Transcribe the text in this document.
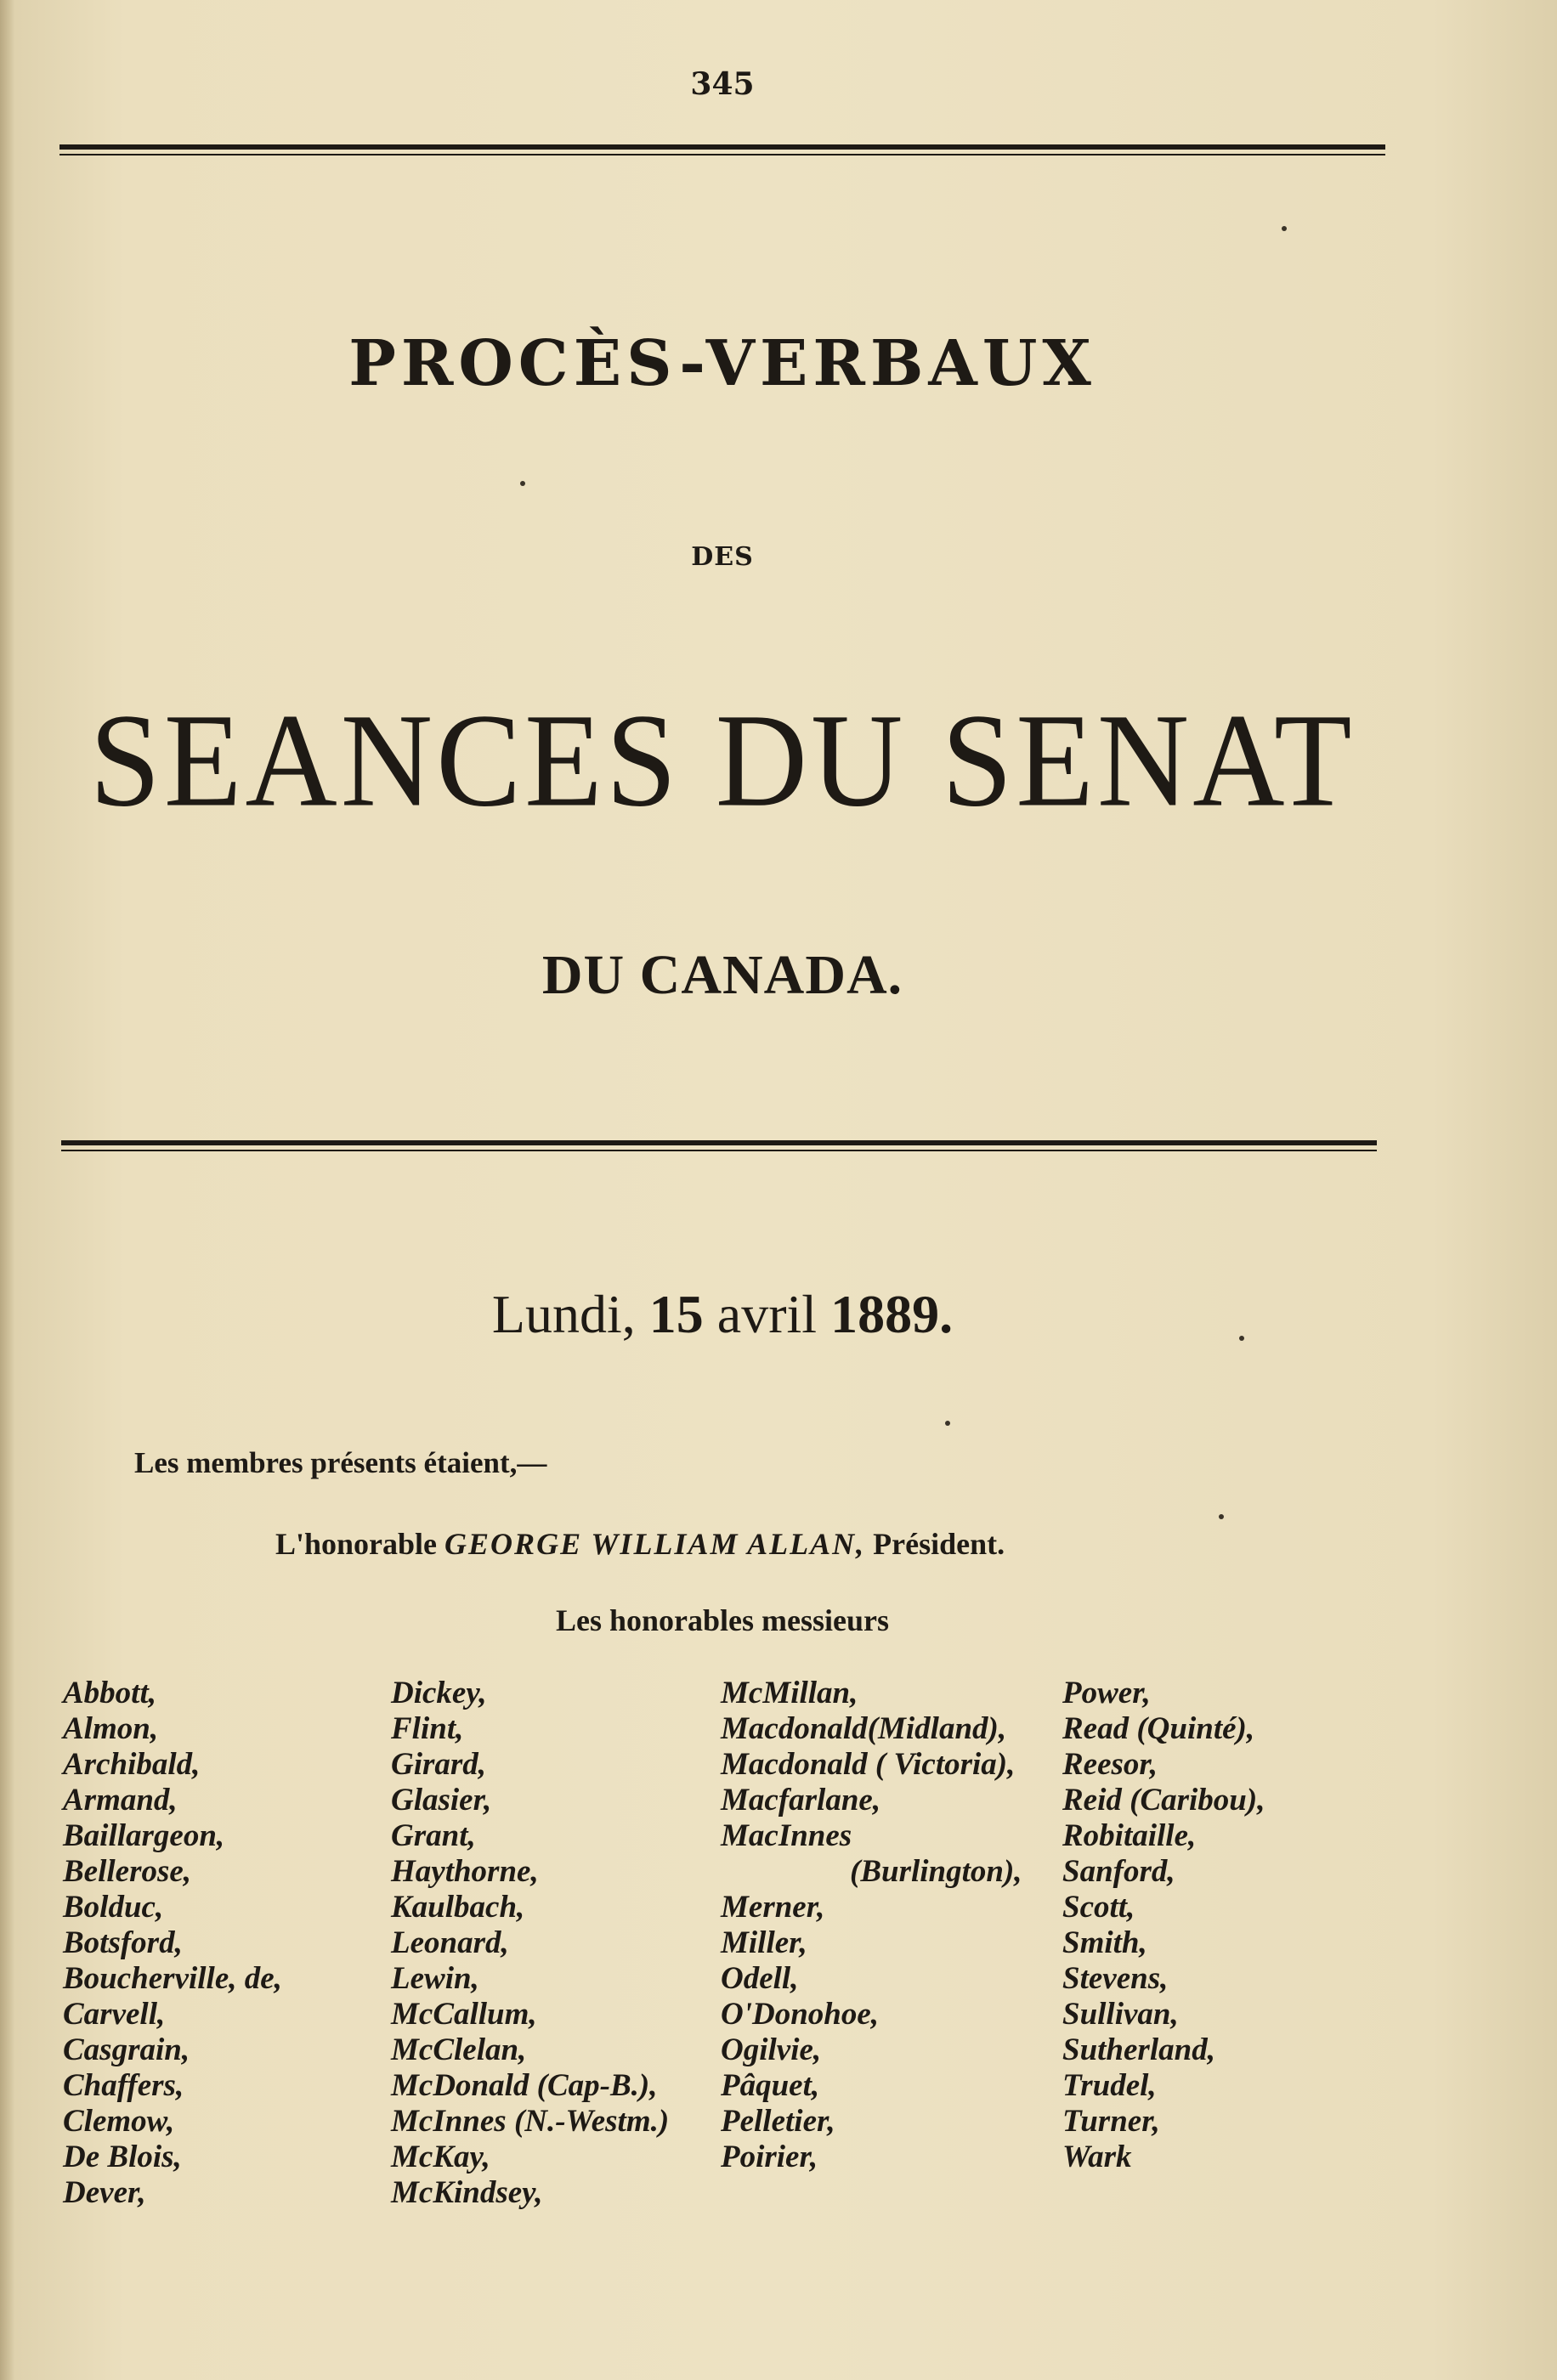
345
PROCÈS-VERBAUX
DES
SEANCES DU SENAT
DU CANADA.
Lundi, 15 avril 1889.
Les membres présents étaient,—
L'honorable GEORGE WILLIAM ALLAN, Président.
Les honorables messieurs
Abbott,
Almon,
Archibald,
Armand,
Baillargeon,
Bellerose,
Bolduc,
Botsford,
Boucherville, de,
Carvell,
Casgrain,
Chaffers,
Clemow,
De Blois,
Dever,
Dickey,
Flint,
Girard,
Glasier,
Grant,
Haythorne,
Kaulbach,
Leonard,
Lewin,
McCallum,
McClelan,
McDonald (Cap-B.),
McInnes (N.-Westm.)
McKay,
McKindsey,
McMillan,
Macdonald(Midland),
Macdonald ( Victoria),
Macfarlane,
MacInnes
(Burlington),
Merner,
Miller,
Odell,
O'Donohoe,
Ogilvie,
Pâquet,
Pelletier,
Poirier,
Power,
Read (Quinté),
Reesor,
Reid (Caribou),
Robitaille,
Sanford,
Scott,
Smith,
Stevens,
Sullivan,
Sutherland,
Trudel,
Turner,
Wark
